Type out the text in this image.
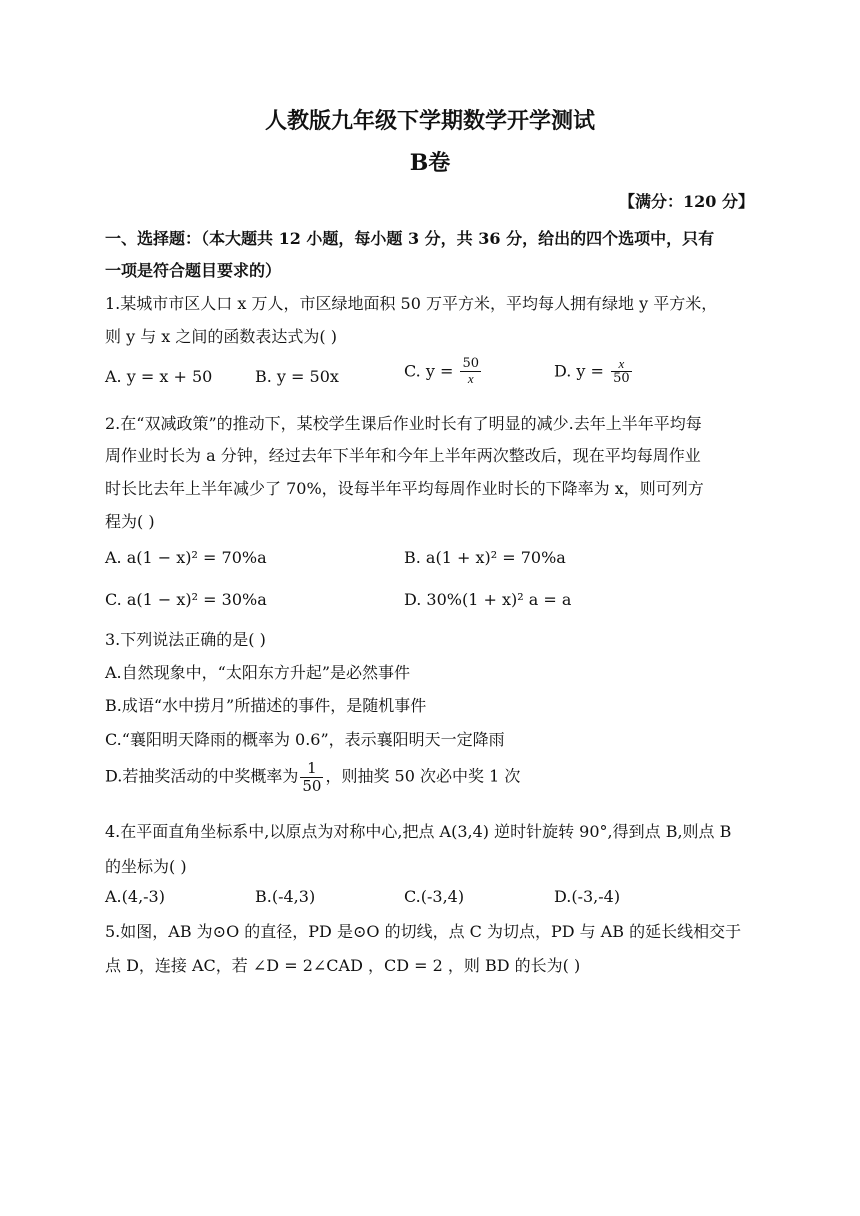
人教版九年级下学期数学开学测试
B卷
【满分：120 分】
一、选择题：（本大题共 12 小题，每小题 3 分，共 36 分，给出的四个选项中，只有
一项是符合题目要求的）
1.某城市市区人口 x 万人，市区绿地面积 50 万平方米，平均每人拥有绿地 y 平方米，
则 y 与 x 之间的函数表达式为( )
A. y = x + 50	B. y = 50x	C. $y = \frac{50}{x}$	D. $y = \frac{x}{50}$
2.在“双减政策”的推动下，某校学生课后作业时长有了明显的减少.去年上半年平均每
周作业时长为 a 分钟，经过去年下半年和今年上半年两次整改后，现在平均每周作业
时长比去年上半年减少了 70%，设每半年平均每周作业时长的下降率为 x，则可列方
程为( )
A. a(1 − x)² = 70%a	B. a(1 + x)² = 70%a
C. a(1 − x)² = 30%a	D. 30%(1 + x)² a = a
3.下列说法正确的是( )
A.自然现象中，“太阳东方升起”是必然事件
B.成语“水中捞月”所描述的事件，是随机事件
C.“襄阳明天降雨的概率为 0.6”，表示襄阳明天一定降雨
D.若抽奖活动的中奖概率为 $\frac{1}{50}$ ，则抽奖 50 次必中奖 1 次
4.在平面直角坐标系中,以原点为对称中心,把点 A(3,4) 逆时针旋转 90°,得到点 B,则点 B
的坐标为( )
A.(4,-3)	B.(-4,3)	C.(-3,4)	D.(-3,-4)
5.如图，AB 为⊙O 的直径，PD 是⊙O 的切线，点 C 为切点，PD 与 AB 的延长线相交于
点 D，连接 AC，若 ∠D = 2∠CAD ，CD = 2 ，则 BD 的长为( )
